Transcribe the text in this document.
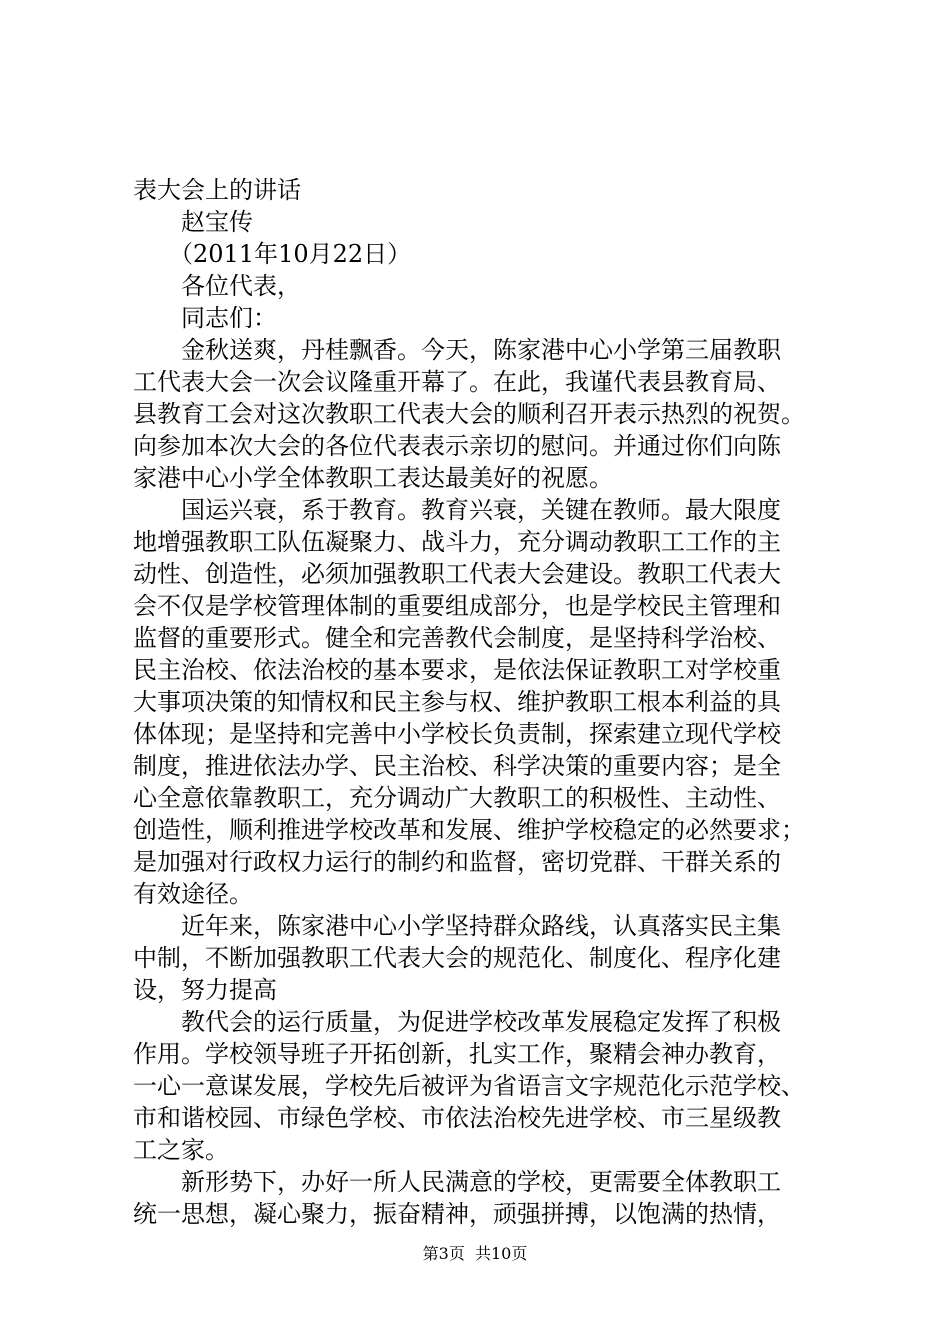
表大会上的讲话
　　赵宝传
　　（2011年10月22日）
　　各位代表，
　　同志们：
　　金秋送爽，丹桂飘香。今天，陈家港中心小学第三届教职
工代表大会一次会议隆重开幕了。在此，我谨代表县教育局、
县教育工会对这次教职工代表大会的顺利召开表示热烈的祝贺。
向参加本次大会的各位代表表示亲切的慰问。并通过你们向陈
家港中心小学全体教职工表达最美好的祝愿。
　　国运兴衰，系于教育。教育兴衰，关键在教师。最大限度
地增强教职工队伍凝聚力、战斗力，充分调动教职工工作的主
动性、创造性，必须加强教职工代表大会建设。教职工代表大
会不仅是学校管理体制的重要组成部分，也是学校民主管理和
监督的重要形式。健全和完善教代会制度，是坚持科学治校、
民主治校、依法治校的基本要求，是依法保证教职工对学校重
大事项决策的知情权和民主参与权、维护教职工根本利益的具
体体现；是坚持和完善中小学校长负责制，探索建立现代学校
制度，推进依法办学、民主治校、科学决策的重要内容；是全
心全意依靠教职工，充分调动广大教职工的积极性、主动性、
创造性，顺利推进学校改革和发展、维护学校稳定的必然要求；
是加强对行政权力运行的制约和监督，密切党群、干群关系的
有效途径。
　　近年来，陈家港中心小学坚持群众路线，认真落实民主集
中制，不断加强教职工代表大会的规范化、制度化、程序化建
设，努力提高
　　教代会的运行质量，为促进学校改革发展稳定发挥了积极
作用。学校领导班子开拓创新，扎实工作，聚精会神办教育，
一心一意谋发展，学校先后被评为省语言文字规范化示范学校、
市和谐校园、市绿色学校、市依法治校先进学校、市三星级教
工之家。
　　新形势下，办好一所人民满意的学校，更需要全体教职工
统一思想，凝心聚力，振奋精神，顽强拼搏，以饱满的热情，
第3页  共10页
